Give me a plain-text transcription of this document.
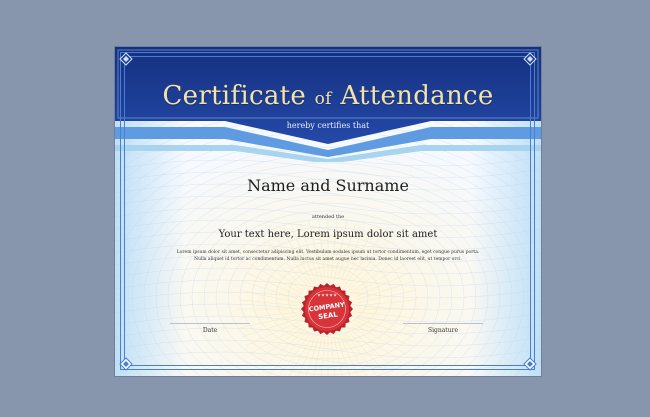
Certificate of Attendance
hereby certifies that
Name and Surname
attended the
Your text here, Lorem ipsum dolor sit amet
Lorem ipsum dolor sit amet, consectetur adipiscing elit. Vestibulum sodales ipsum ut tortor condimentum, eget congue purus porta.
Nulla aliquet id tortor ac condimentum. Nulla luctus sit amet augue nec lacinia. Donec id laoreet elit, ut tempor orci.
Date	Signature
★★★★★
COMPANY
SEAL
